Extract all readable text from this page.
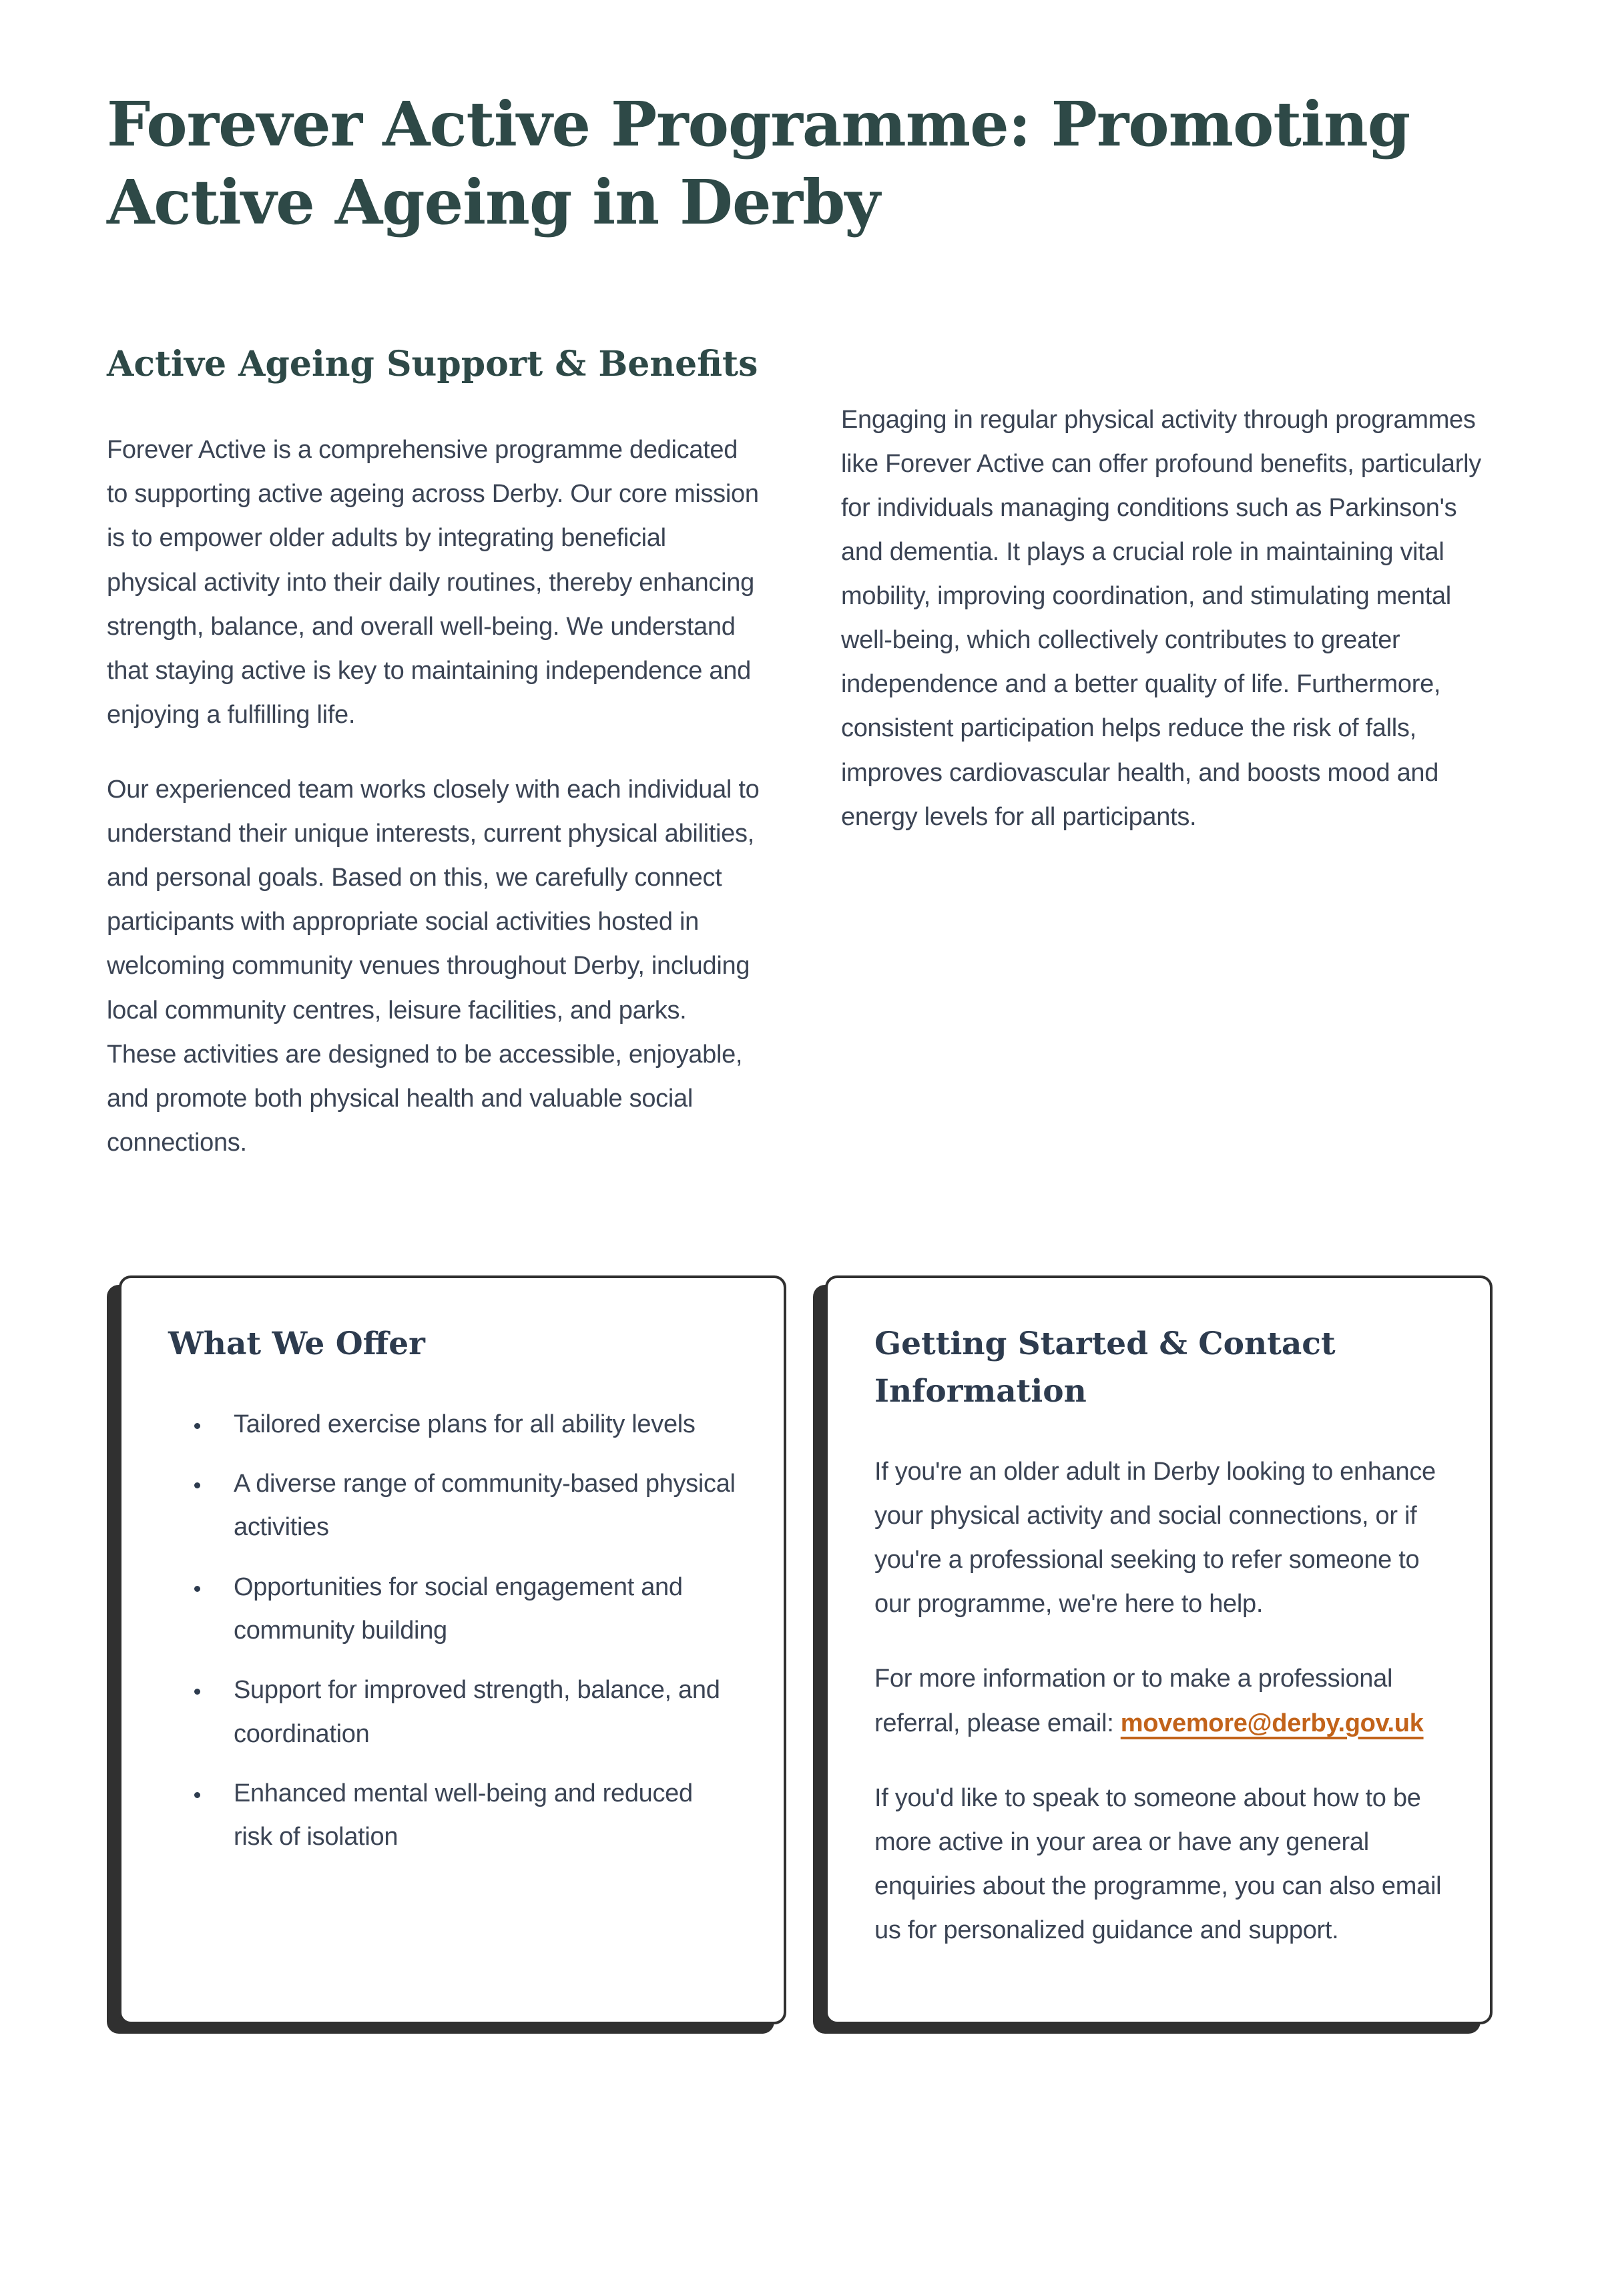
Forever Active Programme: Promoting
Active Ageing in Derby
Active Ageing Support & Benefits

Forever Active is a comprehensive programme dedicated to supporting active ageing across Derby. Our core mission is to empower older adults by integrating beneficial physical activity into their daily routines, thereby enhancing strength, balance, and overall well-being. We understand that staying active is key to maintaining independence and enjoying a fulfilling life.

Our experienced team works closely with each individual to understand their unique interests, current physical abilities, and personal goals. Based on this, we carefully connect participants with appropriate social activities hosted in welcoming community venues throughout Derby, including local community centres, leisure facilities, and parks. These activities are designed to be accessible, enjoyable, and promote both physical health and valuable social connections.

Engaging in regular physical activity through programmes like Forever Active can offer profound benefits, particularly for individuals managing conditions such as Parkinson's and dementia. It plays a crucial role in maintaining vital mobility, improving coordination, and stimulating mental well-being, which collectively contributes to greater independence and a better quality of life. Furthermore, consistent participation helps reduce the risk of falls, improves cardiovascular health, and boosts mood and energy levels for all participants.

What We Offer
• Tailored exercise plans for all ability levels
• A diverse range of community-based physical activities
• Opportunities for social engagement and community building
• Support for improved strength, balance, and coordination
• Enhanced mental well-being and reduced risk of isolation
Getting Started & Contact Information

If you're an older adult in Derby looking to enhance your physical activity and social connections, or if you're a professional seeking to refer someone to our programme, we're here to help.

For more information or to make a professional referral, please email: movemore@derby.gov.uk

If you'd like to speak to someone about how to be more active in your area or have any general enquiries about the programme, you can also email us for personalized guidance and support.
